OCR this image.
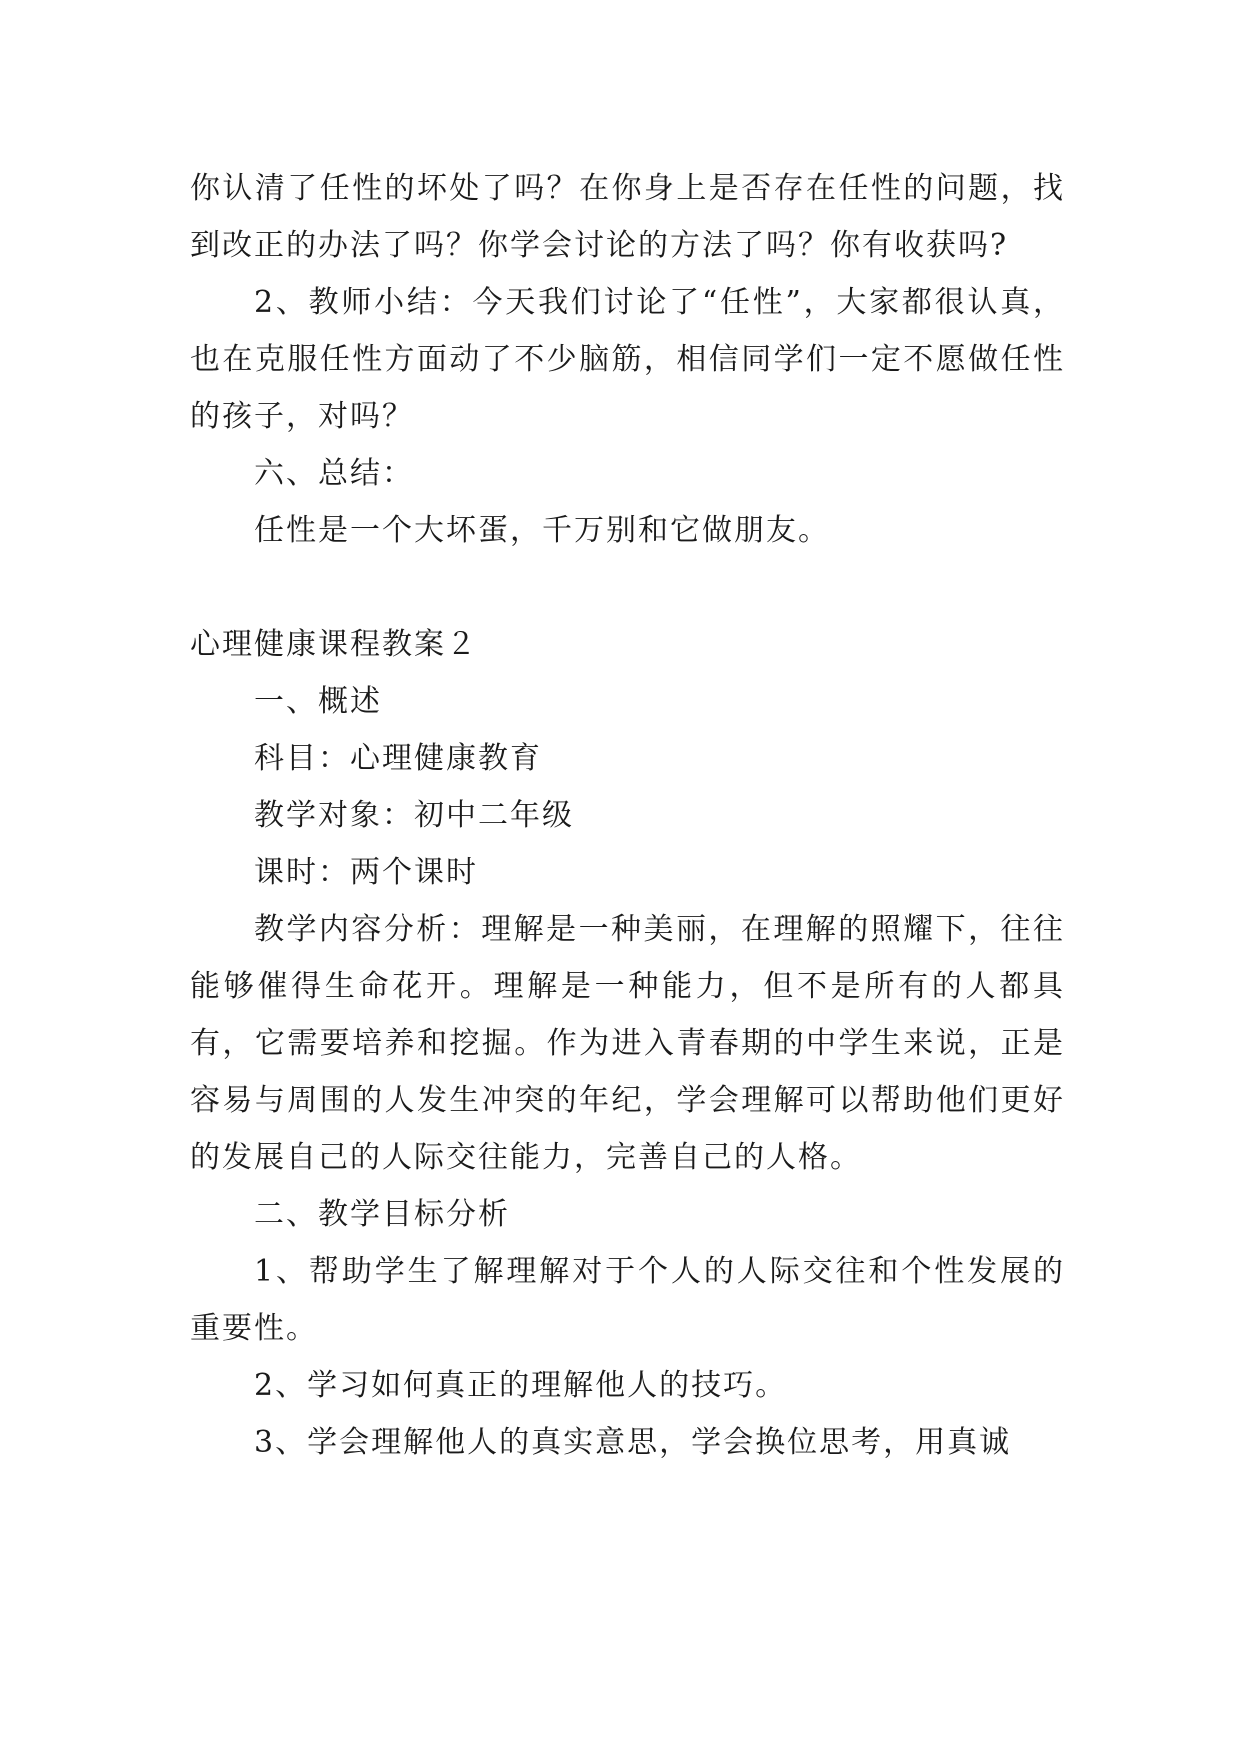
你认清了任性的坏处了吗？在你身上是否存在任性的问题，找到改正的办法了吗？你学会讨论的方法了吗？你有收获吗?

2、教师小结：今天我们讨论了“任性”，大家都很认真，也在克服任性方面动了不少脑筋，相信同学们一定不愿做任性的孩子，对吗？

六、总结：

任性是一个大坏蛋，千万别和它做朋友。

心理健康课程教案２

一、概述

科目：心理健康教育

教学对象：初中二年级

课时：两个课时

教学内容分析：理解是一种美丽，在理解的照耀下，往往能够催得生命花开。理解是一种能力，但不是所有的人都具有，它需要培养和挖掘。作为进入青春期的中学生来说，正是容易与周围的人发生冲突的年纪，学会理解可以帮助他们更好的发展自己的人际交往能力，完善自己的人格。

二、教学目标分析

1、帮助学生了解理解对于个人的人际交往和个性发展的重要性。

2、学习如何真正的理解他人的技巧。

3、学会理解他人的真实意思，学会换位思考，用真诚
